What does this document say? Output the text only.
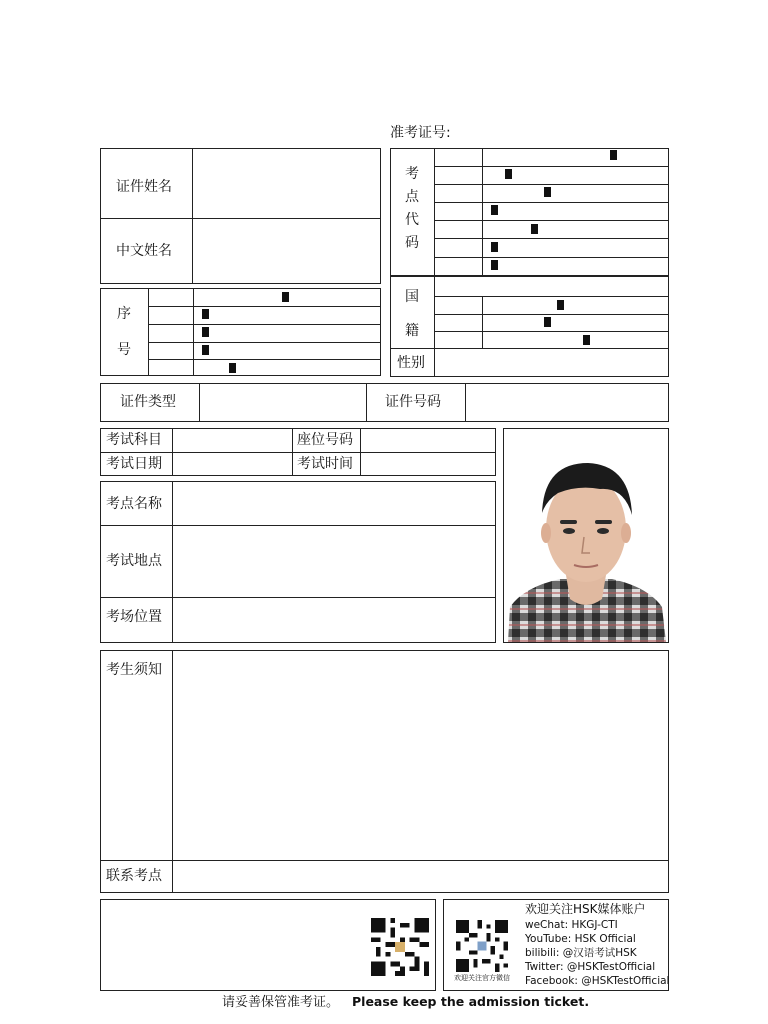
准考证号:
证件姓名
中文姓名
序
号
考
点
代
码
国
籍
性别
证件类型	证件号码
考试科目	座位号码
考试日期	考试时间
考点名称
考试地点
考场位置
考生须知
联系考点
欢迎关注官方微信
欢迎关注HSK媒体账户
weChat: HKGJ-CTI
YouTube: HSK Official
bilibili: @汉语考试HSK
Twitter: @HSKTestOfficial
Facebook: @HSKTestOfficial
请妥善保管准考证。 Please keep the admission ticket.
